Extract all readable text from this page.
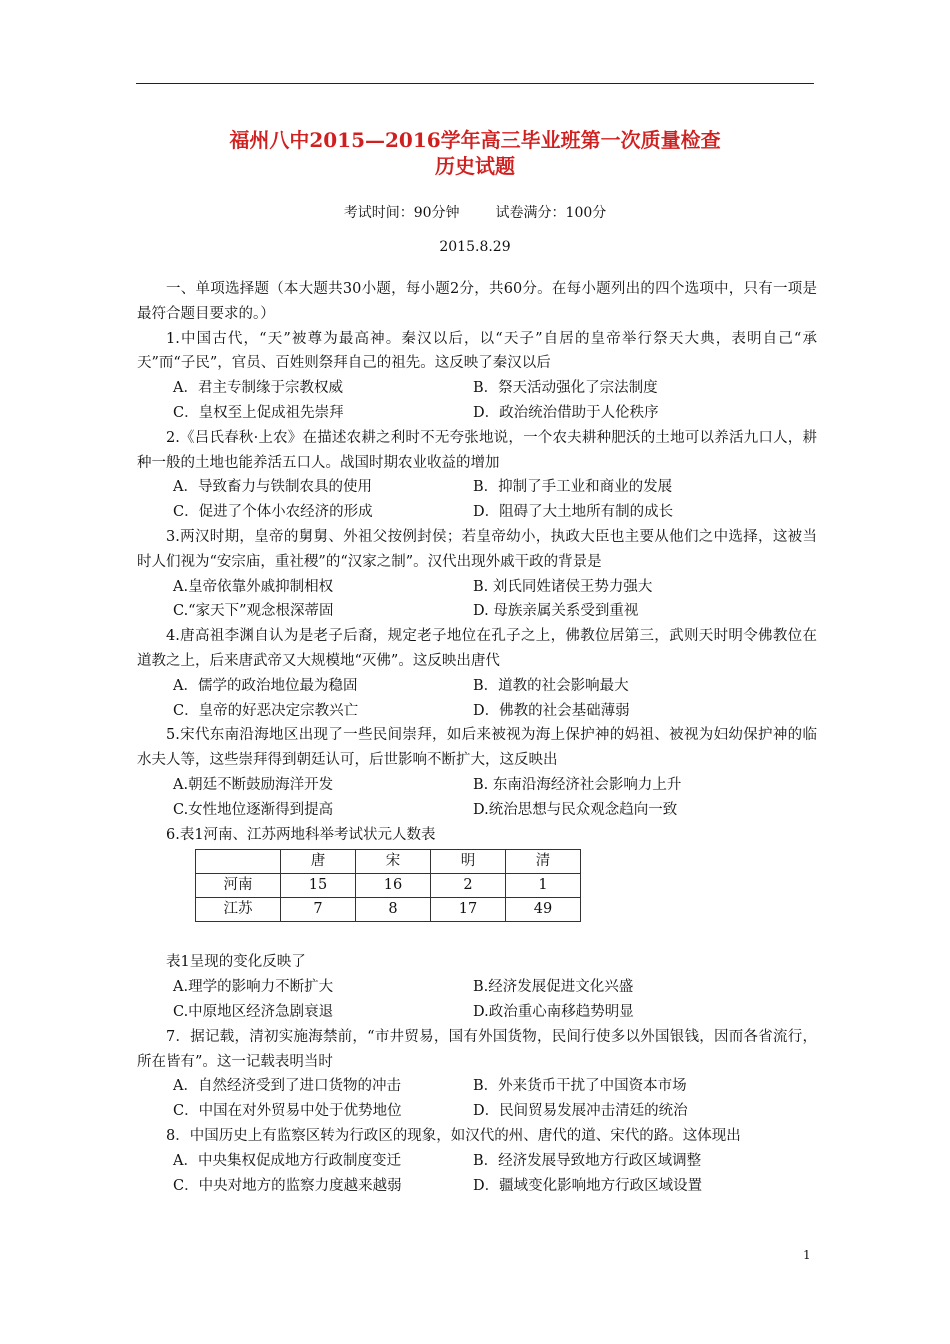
福州八中2015—2016学年高三毕业班第一次质量检查
历史试题
考试时间：90分钟	试卷满分：100分
2015.8.29

一、单项选择题（本大题共30小题，每小题2分，共60分。在每小题列出的四个选项中，只有一项是最符合题目要求的。）

1.中国古代，“天”被尊为最高神。秦汉以后，以“天子”自居的皇帝举行祭天大典，表明自己“承天”而“子民”，官员、百姓则祭拜自己的祖先。这反映了秦汉以后

A．君主专制缘于宗教权威	B．祭天活动强化了宗法制度
C．皇权至上促成祖先崇拜	D．政治统治借助于人伦秩序

2.《吕氏春秋·上农》在描述农耕之利时不无夸张地说，一个农夫耕种肥沃的土地可以养活九口人，耕种一般的土地也能养活五口人。战国时期农业收益的增加

A．导致畜力与铁制农具的使用	B．抑制了手工业和商业的发展
C．促进了个体小农经济的形成	D．阻碍了大土地所有制的成长

3.两汉时期，皇帝的舅舅、外祖父按例封侯；若皇帝幼小，执政大臣也主要从他们之中选择，这被当时人们视为“安宗庙，重社稷”的“汉家之制”。汉代出现外戚干政的背景是

A.皇帝依靠外戚抑制相权	B. 刘氏同姓诸侯王势力强大
C.“家天下”观念根深蒂固	D. 母族亲属关系受到重视

4.唐高祖李渊自认为是老子后裔，规定老子地位在孔子之上，佛教位居第三，武则天时明令佛教位在道教之上，后来唐武帝又大规模地“灭佛”。这反映出唐代

A．儒学的政治地位最为稳固	B．道教的社会影响最大
C．皇帝的好恶决定宗教兴亡	D．佛教的社会基础薄弱

5.宋代东南沿海地区出现了一些民间崇拜，如后来被视为海上保护神的妈祖、被视为妇幼保护神的临水夫人等，这些崇拜得到朝廷认可，后世影响不断扩大，这反映出

A.朝廷不断鼓励海洋开发	B. 东南沿海经济社会影响力上升
C.女性地位逐渐得到提高	D.统治思想与民众观念趋向一致

6.表1河南、江苏两地科举考试状元人数表

	唐	宋	明	清
河南	15	16	2	1
江苏	7	8	17	49

表1呈现的变化反映了

A.理学的影响力不断扩大	B.经济发展促进文化兴盛
C.中原地区经济急剧衰退	D.政治重心南移趋势明显

7．据记载，清初实施海禁前，“市井贸易，国有外国货物，民间行使多以外国银钱，因而各省流行，所在皆有”。这一记载表明当时

A．自然经济受到了进口货物的冲击	B．外来货币干扰了中国资本市场
C．中国在对外贸易中处于优势地位	D．民间贸易发展冲击清廷的统治

8．中国历史上有监察区转为行政区的现象，如汉代的州、唐代的道、宋代的路。这体现出

A．中央集权促成地方行政制度变迁	B．经济发展导致地方行政区域调整
C．中央对地方的监察力度越来越弱	D．疆域变化影响地方行政区域设置
1
